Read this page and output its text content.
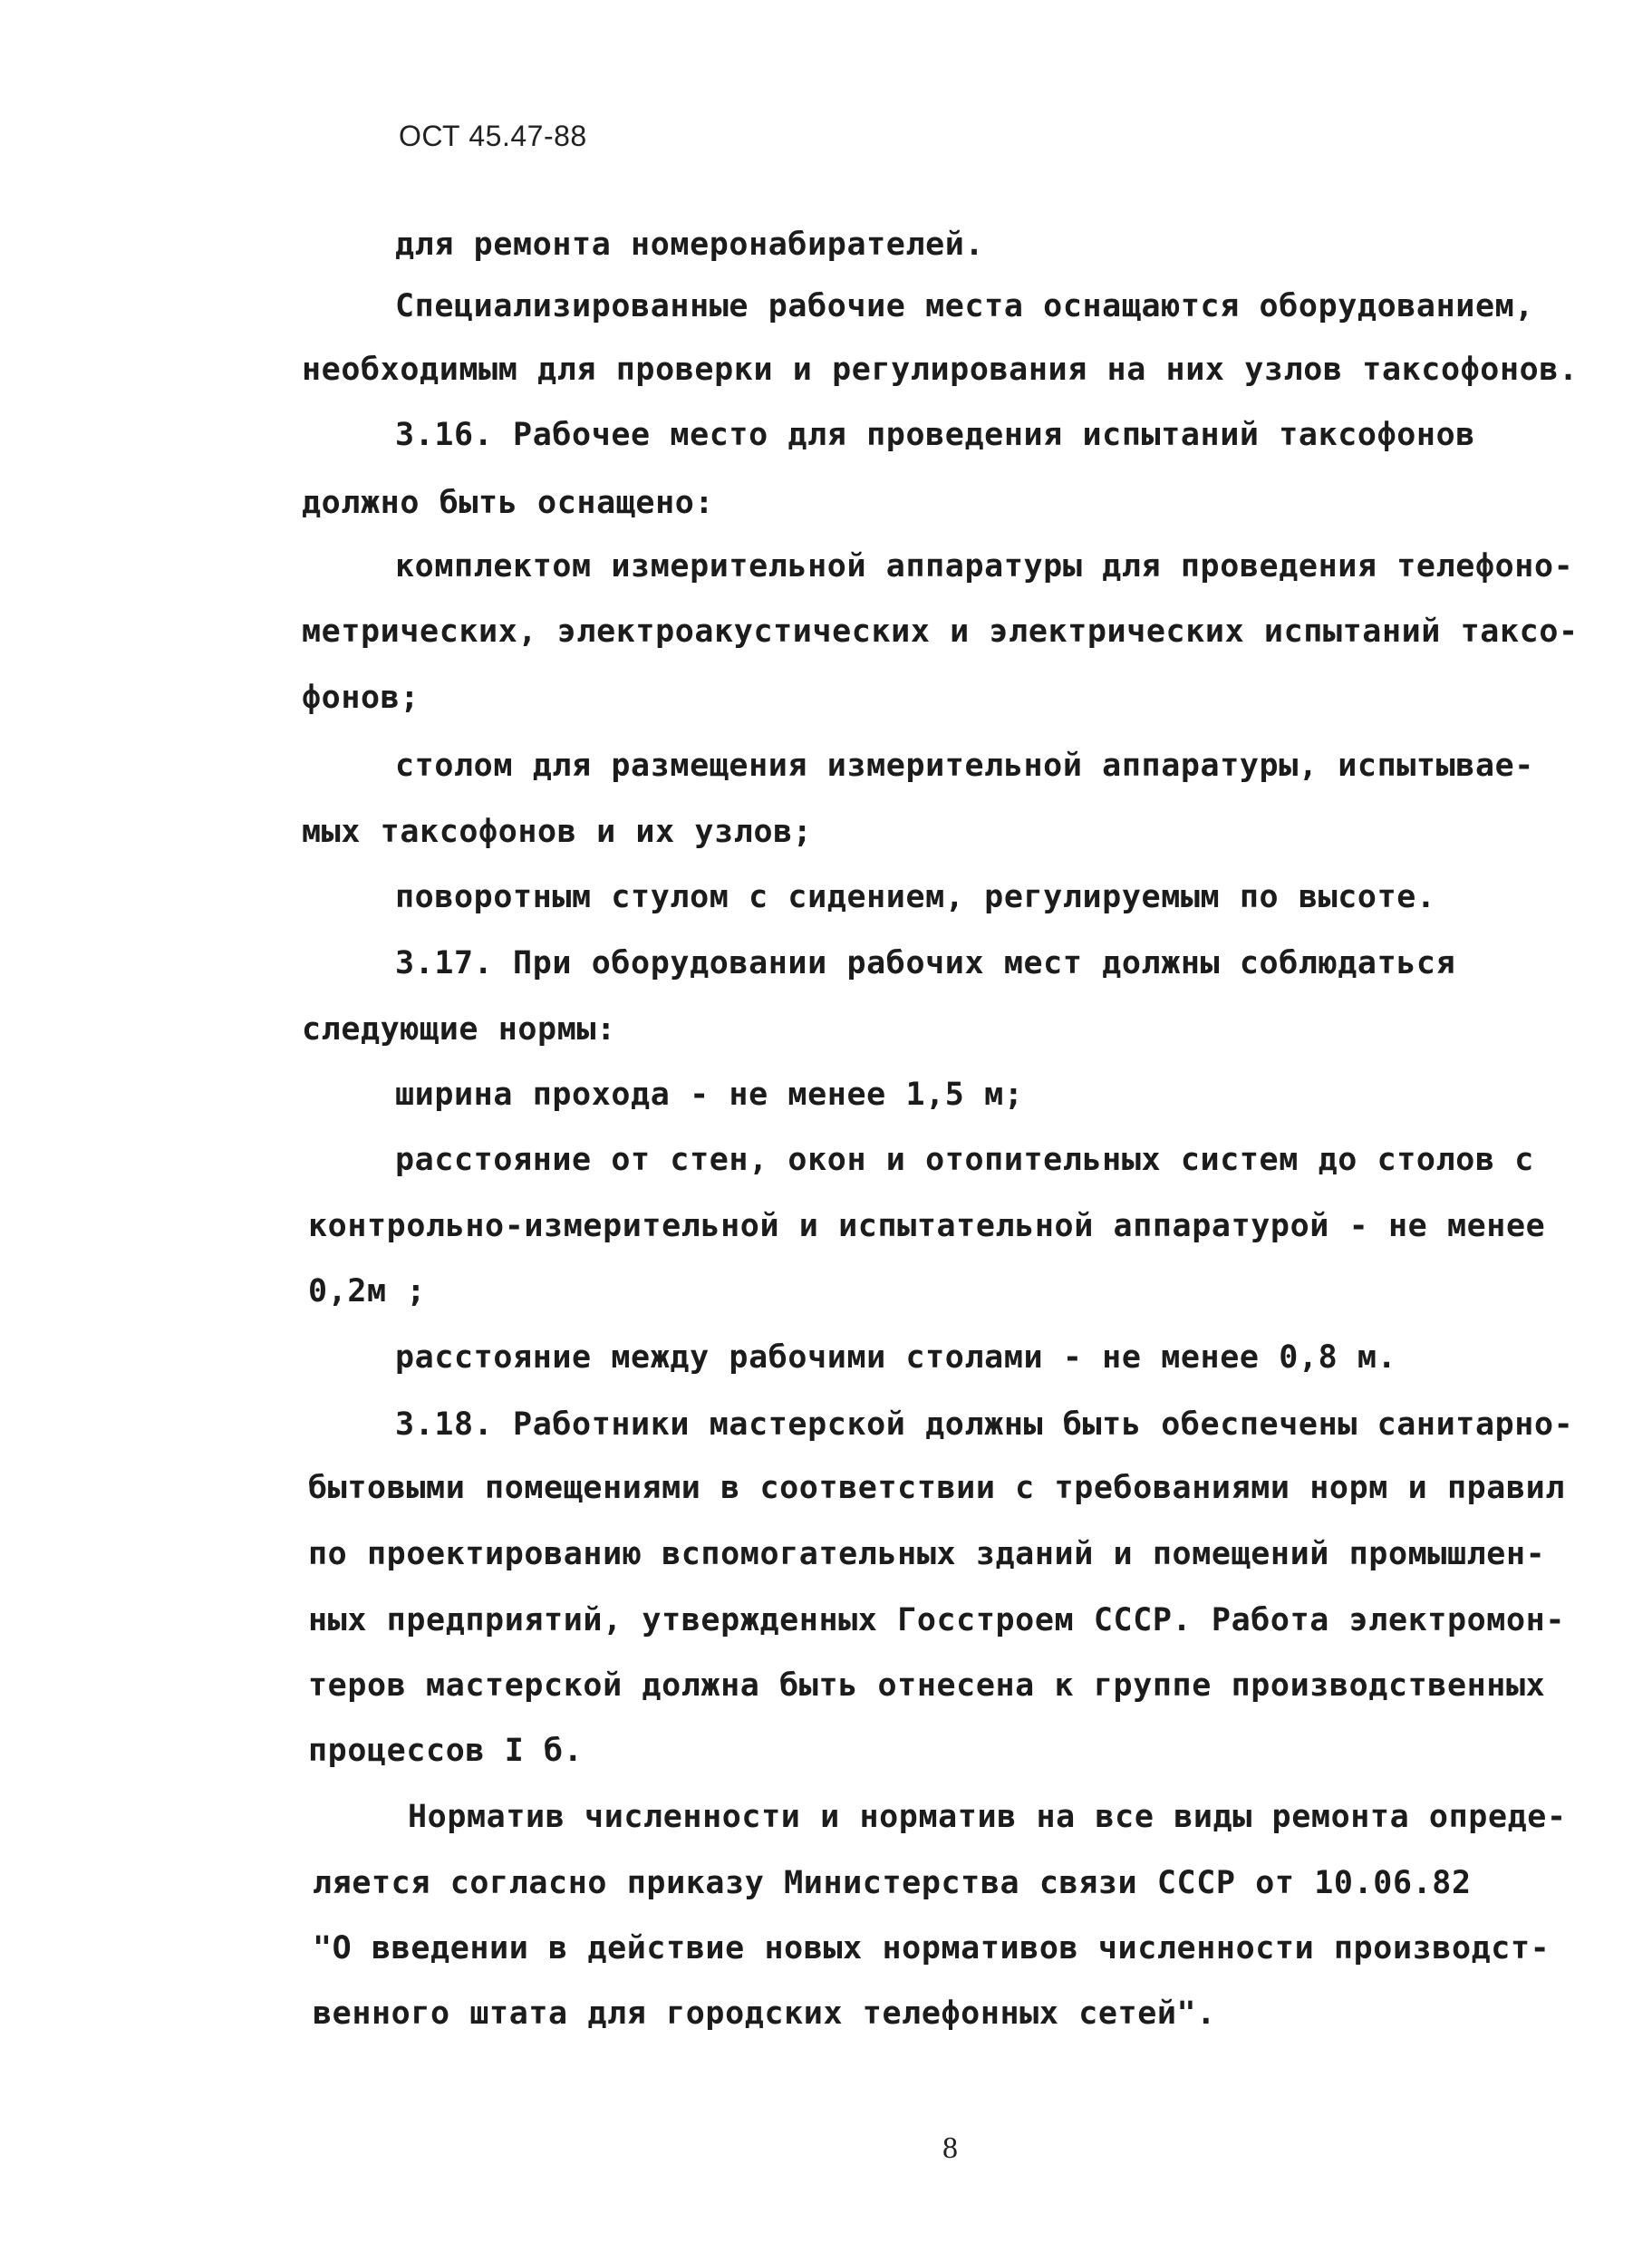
ОСТ 45.47-88
для ремонта номеронабирателей.
Специализированные рабочие места оснащаются оборудованием,
необходимым для проверки и регулирования на них узлов таксофонов.
3.16. Рабочее место для проведения испытаний таксофонов
должно быть оснащено:
комплектом измерительной аппаратуры для проведения телефоно-
метрических, электроакустических и электрических испытаний таксо-
фонов;
столом для размещения измерительной аппаратуры, испытывае-
мых таксофонов и их узлов;
поворотным стулом с сидением, регулируемым по высоте.
3.17. При оборудовании рабочих мест должны соблюдаться
следующие нормы:
ширина прохода - не менее 1,5 м;
расстояние от стен, окон и отопительных систем до столов с
контрольно-измерительной и испытательной аппаратурой - не менее
0,2м ;
расстояние между рабочими столами - не менее 0,8 м.
3.18. Работники мастерской должны быть обеспечены санитарно-
бытовыми помещениями в соответствии с требованиями норм и правил
по проектированию вспомогательных зданий и помещений промышлен-
ных предприятий, утвержденных Госстроем СССР. Работа электромон-
теров мастерской должна быть отнесена к группе производственных
процессов I б.
Норматив численности и норматив на все виды ремонта опреде-
ляется согласно приказу Министерства связи СССР от 10.06.82
"О введении в действие новых нормативов численности производст-
венного штата для городских телефонных сетей".
8
